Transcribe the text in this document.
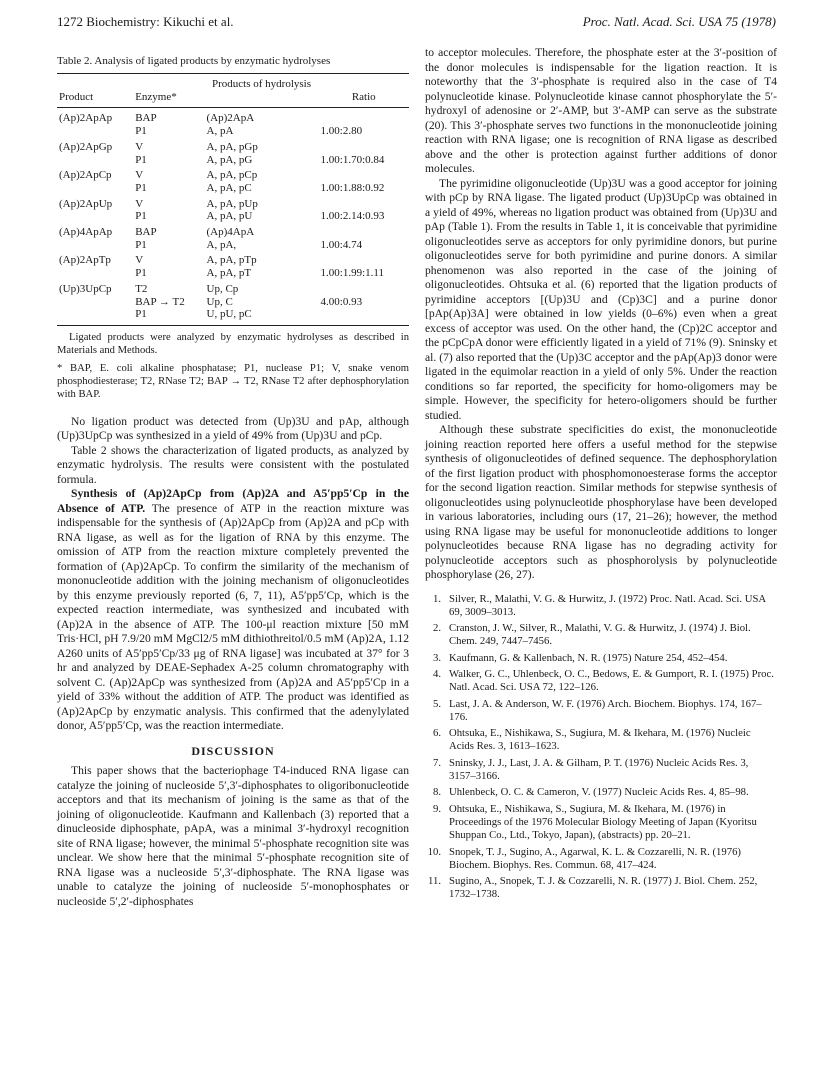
1272 Biochemistry: Kikuchi et al.	Proc. Natl. Acad. Sci. USA 75 (1978)
Table 2. Analysis of ligated products by enzymatic hydrolyses
		Products of hydrolysis	
Product	Enzyme*		Ratio
(Ap)2ApAp	BAP	(Ap)2ApA	
	P1	A, pA	1.00:2.80
(Ap)2ApGp	V	A, pA, pGp	
	P1	A, pA, pG	1.00:1.70:0.84
(Ap)2ApCp	V	A, pA, pCp	
	P1	A, pA, pC	1.00:1.88:0.92
(Ap)2ApUp	V	A, pA, pUp	
	P1	A, pA, pU	1.00:2.14:0.93
(Ap)4ApAp	BAP	(Ap)4ApA	
	P1	A, pA,	1.00:4.74
(Ap)2ApTp	V	A, pA, pTp	
	P1	A, pA, pT	1.00:1.99:1.11
(Up)3UpCp	T2	Up, Cp	
	BAP → T2	Up, C	4.00:0.93
	P1	U, pU, pC	
Ligated products were analyzed by enzymatic hydrolyses as described in Materials and Methods.
* BAP, E. coli alkaline phosphatase; P1, nuclease P1; V, snake venom phosphodiesterase; T2, RNase T2; BAP → T2, RNase T2 after dephosphorylation with BAP.

No ligation product was detected from (Up)3U and pAp, although (Up)3UpCp was synthesized in a yield of 49% from (Up)3U and pCp.

Table 2 shows the characterization of ligated products, as analyzed by enzymatic hydrolysis. The results were consistent with the postulated formula.

Synthesis of (Ap)2ApCp from (Ap)2A and A5′pp5′Cp in the Absence of ATP. The presence of ATP in the reaction mixture was indispensable for the synthesis of (Ap)2ApCp from (Ap)2A and pCp with RNA ligase, as well as for the ligation of RNA by this enzyme. The omission of ATP from the reaction mixture completely prevented the formation of (Ap)2ApCp. To confirm the similarity of the mechanism of mononucleotide addition with the joining mechanism of oligonucleotides by this enzyme previously reported (6, 7, 11), A5′pp5′Cp, which is the expected reaction intermediate, was synthesized and incubated with (Ap)2A in the absence of ATP. The 100-μl reaction mixture [50 mM Tris·HCl, pH 7.9/20 mM MgCl2/5 mM dithiothreitol/0.5 mM (Ap)2A, 1.12 A260 units of A5′pp5′Cp/33 μg of RNA ligase] was incubated at 37° for 3 hr and analyzed by DEAE-Sephadex A-25 column chromatography with solvent C. (Ap)2ApCp was synthesized from (Ap)2A and A5′pp5′Cp in a yield of 33% without the addition of ATP. The product was identified as (Ap)2ApCp by enzymatic analysis. This confirmed that the adenylylated donor, A5′pp5′Cp, was the reaction intermediate.

DISCUSSION

This paper shows that the bacteriophage T4-induced RNA ligase can catalyze the joining of nucleoside 5′,3′-diphosphates to oligoribonucleotide acceptors and that its mechanism of joining is the same as that of the joining of oligonucleotide. Kaufmann and Kallenbach (3) reported that a dinucleoside diphosphate, pApA, was a minimal 3′-hydroxyl recognition site of RNA ligase; however, the minimal 5′-phosphate recognition site was unclear. We show here that the minimal 5′-phosphate recognition site of RNA ligase was a nucleoside 5′,3′-diphosphate. The RNA ligase was unable to catalyze the joining of nucleoside 5′-monophosphates or nucleoside 5′,2′-diphosphates

to acceptor molecules. Therefore, the phosphate ester at the 3′-position of the donor molecules is indispensable for the ligation reaction. It is noteworthy that the 3′-phosphate is required also in the case of T4 polynucleotide kinase. Polynucleotide kinase cannot phosphorylate the 5′-hydroxyl of adenosine or 2′-AMP, but 3′-AMP can serve as the substrate (20). This 3′-phosphate serves two functions in the mononucleotide joining reaction with RNA ligase; one is recognition of RNA ligase as described above and the other is protection against further additions of donor molecules.

The pyrimidine oligonucleotide (Up)3U was a good acceptor for joining with pCp by RNA ligase. The ligated product (Up)3UpCp was obtained in a yield of 49%, whereas no ligation product was obtained from (Up)3U and pAp (Table 1). From the results in Table 1, it is conceivable that pyrimidine oligonucleotides serve as acceptors for only pyrimidine donors, but purine oligonucleotides serve for both pyrimidine and purine donors. A similar phenomenon was also reported in the case of the joining of oligonucleotides. Ohtsuka et al. (6) reported that the ligation products of pyrimidine acceptors [(Up)3U and (Cp)3C] and a purine donor [pAp(Ap)3A] were obtained in low yields (0–6%) even when a great excess of acceptor was used. On the other hand, the (Cp)2C acceptor and the pCpCpA donor were efficiently ligated in a yield of 71% (9). Sninsky et al. (7) also reported that the (Up)3C acceptor and the pAp(Ap)3 donor were ligated in the equimolar reaction in a yield of only 5%. Under the reaction conditions so far reported, the specificity for homo-oligomers may be simple. However, the specificity for hetero-oligomers should be further studied.

Although these substrate specificities do exist, the mononucleotide joining reaction reported here offers a useful method for the stepwise synthesis of oligonucleotides of defined sequence. The dephosphorylation of the first ligation product with phosphomonoesterase forms the acceptor for the second ligation reaction. Similar methods for stepwise synthesis of oligonucleotides using polynucleotide phosphorylase have been developed in various laboratories, including ours (17, 21–26); however, the method using RNA ligase may be useful for mononucleotide additions to longer polynucleotides because RNA ligase has no degrading activity for polynucleotide acceptors such as phosphorolysis by polynucleotide phosphorylase (26, 27).

1. Silver, R., Malathi, V. G. & Hurwitz, J. (1972) Proc. Natl. Acad. Sci. USA 69, 3009–3013.
2. Cranston, J. W., Silver, R., Malathi, V. G. & Hurwitz, J. (1974) J. Biol. Chem. 249, 7447–7456.
3. Kaufmann, G. & Kallenbach, N. R. (1975) Nature 254, 452–454.
4. Walker, G. C., Uhlenbeck, O. C., Bedows, E. & Gumport, R. I. (1975) Proc. Natl. Acad. Sci. USA 72, 122–126.
5. Last, J. A. & Anderson, W. F. (1976) Arch. Biochem. Biophys. 174, 167–176.
6. Ohtsuka, E., Nishikawa, S., Sugiura, M. & Ikehara, M. (1976) Nucleic Acids Res. 3, 1613–1623.
7. Sninsky, J. J., Last, J. A. & Gilham, P. T. (1976) Nucleic Acids Res. 3, 3157–3166.
8. Uhlenbeck, O. C. & Cameron, V. (1977) Nucleic Acids Res. 4, 85–98.
9. Ohtsuka, E., Nishikawa, S., Sugiura, M. & Ikehara, M. (1976) in Proceedings of the 1976 Molecular Biology Meeting of Japan (Kyoritsu Shuppan Co., Ltd., Tokyo, Japan), (abstracts) pp. 20–21.
10. Snopek, T. J., Sugino, A., Agarwal, K. L. & Cozzarelli, N. R. (1976) Biochem. Biophys. Res. Commun. 68, 417–424.
11. Sugino, A., Snopek, T. J. & Cozzarelli, N. R. (1977) J. Biol. Chem. 252, 1732–1738.
